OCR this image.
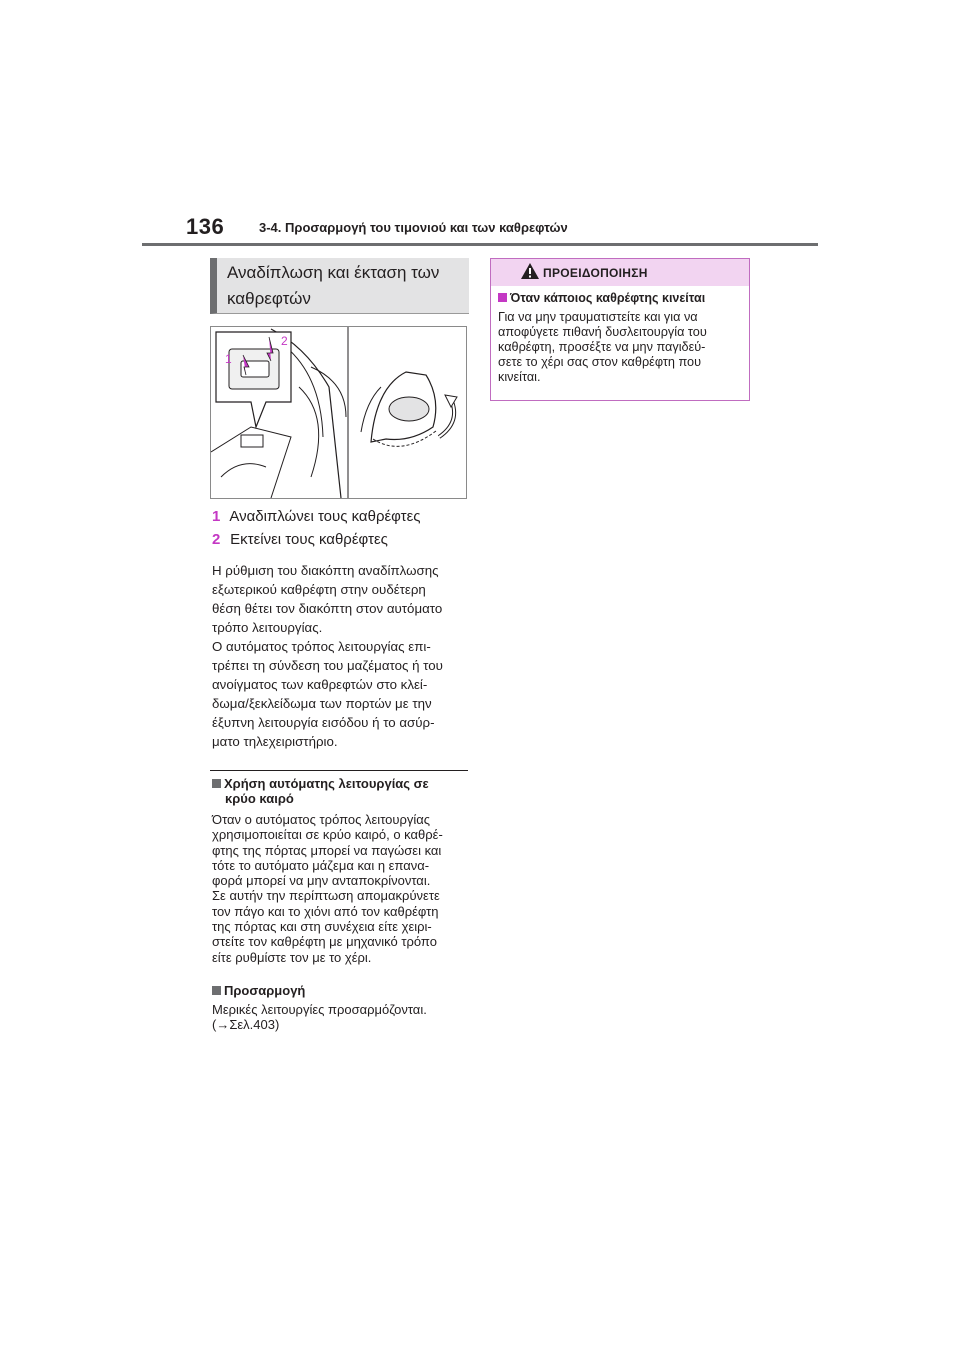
136	3-4. Προσαρμογή του τιμονιού και των καθρεφτών
Αναδίπλωση και έκταση των
καθρεφτών
1
2
1 Αναδιπλώνει τους καθρέφτες
2 Εκτείνει τους καθρέφτες
Η ρύθμιση του διακόπτη αναδίπλωσης
εξωτερικού καθρέφτη στην ουδέτερη
θέση θέτει τον διακόπτη στον αυτόματο
τρόπο λειτουργίας.
Ο αυτόματος τρόπος λειτουργίας επι-
τρέπει τη σύνδεση του μαζέματος ή του
ανοίγματος των καθρεφτών στο κλεί-
δωμα/ξεκλείδωμα των πορτών με την
έξυπνη λειτουργία εισόδου ή το ασύρ-
ματο τηλεχειριστήριο.
Χρήση αυτόματης λειτουργίας σε
κρύο καιρό
Όταν ο αυτόματος τρόπος λειτουργίας
χρησιμοποιείται σε κρύο καιρό, ο καθρέ-
φτης της πόρτας μπορεί να παγώσει και
τότε το αυτόματο μάζεμα και η επανα-
φορά μπορεί να μην ανταποκρίνονται.
Σε αυτήν την περίπτωση απομακρύνετε
τον πάγο και το χιόνι από τον καθρέφτη
της πόρτας και στη συνέχεια είτε χειρι-
στείτε τον καθρέφτη με μηχανικό τρόπο
είτε ρυθμίστε τον με το χέρι.
Προσαρμογή
Μερικές λειτουργίες προσαρμόζονται.
(→Σελ.403)
ΠΡΟΕΙΔΟΠΟΙΗΣΗ
Όταν κάποιος καθρέφτης κινείται
Για να μην τραυματιστείτε και για να
αποφύγετε πιθανή δυσλειτουργία του
καθρέφτη, προσέξτε να μην παγιδεύ-
σετε το χέρι σας στον καθρέφτη που
κινείται.
